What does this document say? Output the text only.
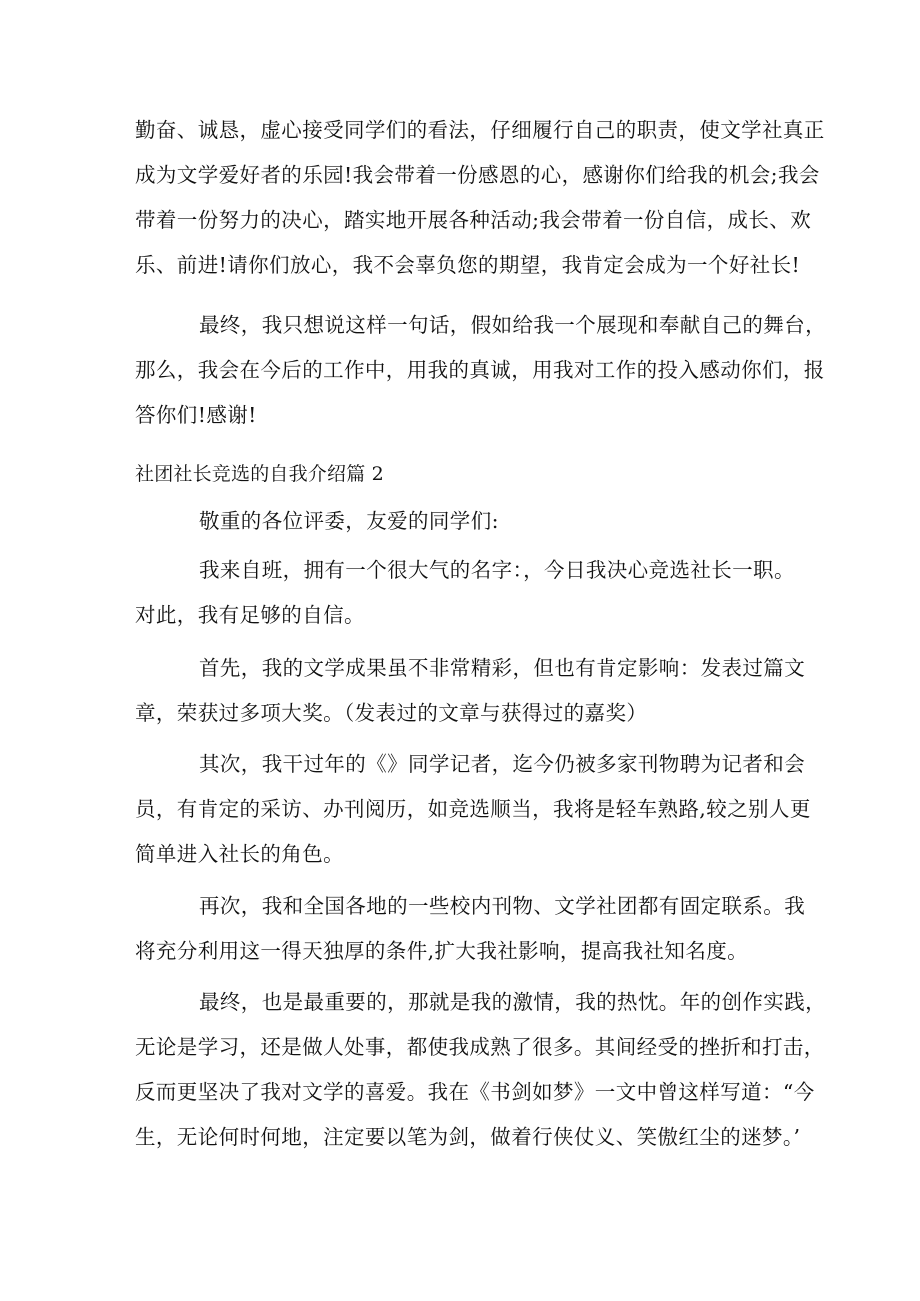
勤奋、诚恳，虚心接受同学们的看法，仔细履行自己的职责，使文学社真正
成为文学爱好者的乐园!我会带着一份感恩的心，感谢你们给我的机会;我会
带着一份努力的决心，踏实地开展各种活动;我会带着一份自信，成长、欢
乐、前进!请你们放心，我不会辜负您的期望，我肯定会成为一个好社长!
最终，我只想说这样一句话，假如给我一个展现和奉献自己的舞台，
那么，我会在今后的工作中，用我的真诚，用我对工作的投入感动你们，报
答你们!感谢!
社团社长竞选的自我介绍篇 2
敬重的各位评委，友爱的同学们:
我来自班，拥有一个很大气的名字：，今日我决心竞选社长一职。
对此，我有足够的自信。
首先，我的文学成果虽不非常精彩，但也有肯定影响：发表过篇文
章，荣获过多项大奖。（发表过的文章与获得过的嘉奖）
其次，我干过年的《》同学记者，迄今仍被多家刊物聘为记者和会
员，有肯定的采访、办刊阅历，如竞选顺当，我将是轻车熟路,较之别人更
简单进入社长的角色。
再次，我和全国各地的一些校内刊物、文学社团都有固定联系。我
将充分利用这一得天独厚的条件,扩大我社影响，提高我社知名度。
最终，也是最重要的，那就是我的激情，我的热忱。年的创作实践，
无论是学习，还是做人处事，都使我成熟了很多。其间经受的挫折和打击，
反而更坚决了我对文学的喜爱。我在《书剑如梦》一文中曾这样写道：“今
生，无论何时何地，注定要以笔为剑，做着行侠仗义、笑傲红尘的迷梦。’
